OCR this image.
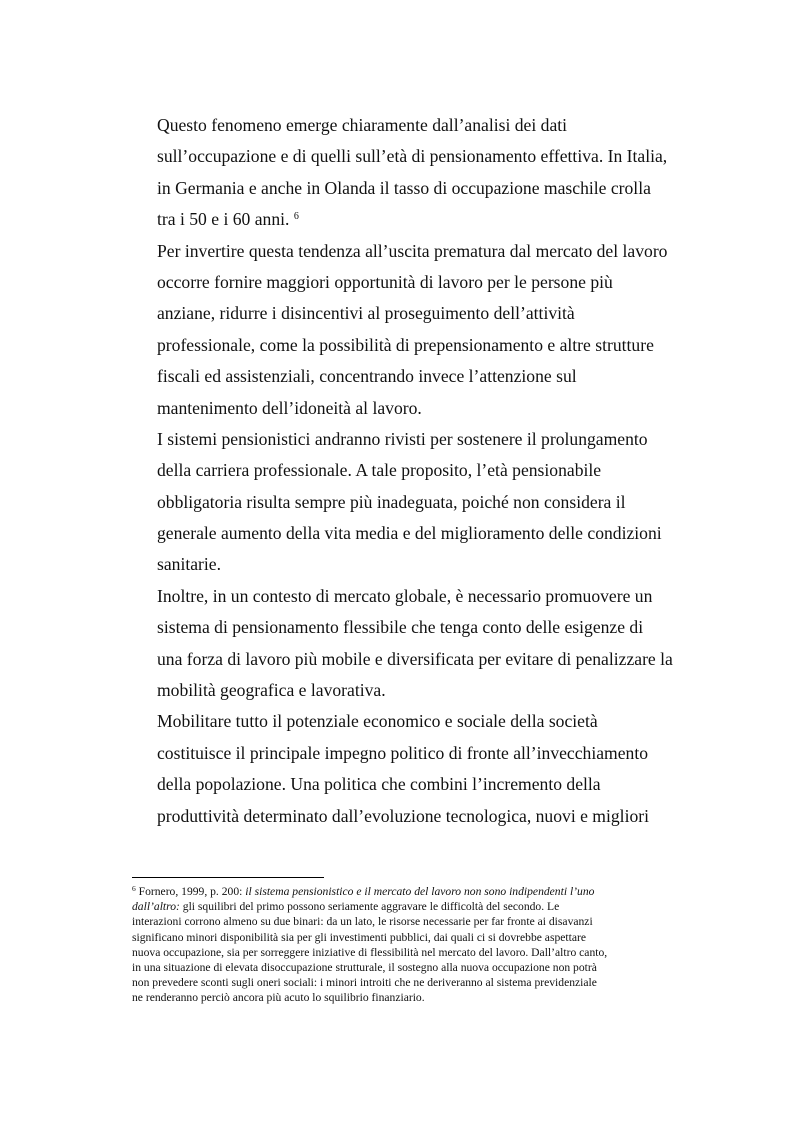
Questo fenomeno emerge chiaramente dall’analisi dei dati
sull’occupazione e di quelli sull’età di pensionamento effettiva. In Italia,
in Germania e anche in Olanda il tasso di occupazione maschile crolla
tra i 50 e i 60 anni. $^6$
Per invertire questa tendenza all’uscita prematura dal mercato del lavoro
occorre fornire maggiori opportunità di lavoro per le persone più
anziane, ridurre i disincentivi al proseguimento dell’attività
professionale, come la possibilità di prepensionamento e altre strutture
fiscali ed assistenziali, concentrando invece l’attenzione sul
mantenimento dell’idoneità al lavoro.
I sistemi pensionistici andranno rivisti per sostenere il prolungamento
della carriera professionale. A tale proposito, l’età pensionabile
obbligatoria risulta sempre più inadeguata, poiché non considera il
generale aumento della vita media e del miglioramento delle condizioni
sanitarie.
Inoltre, in un contesto di mercato globale, è necessario promuovere un
sistema di pensionamento flessibile che tenga conto delle esigenze di
una forza di lavoro più mobile e diversificata per evitare di penalizzare la
mobilità geografica e lavorativa.
Mobilitare tutto il potenziale economico e sociale della società
costituisce il principale impegno politico di fronte all’invecchiamento
della popolazione. Una politica che combini l’incremento della
produttività determinato dall’evoluzione tecnologica, nuovi e migliori
$^6$ Fornero, 1999, p. 200: il sistema pensionistico e il mercato del lavoro non sono indipendenti l’uno
dall’altro: gli squilibri del primo possono seriamente aggravare le difficoltà del secondo. Le
interazioni corrono almeno su due binari: da un lato, le risorse necessarie per far fronte ai disavanzi
significano minori disponibilità sia per gli investimenti pubblici, dai quali ci si dovrebbe aspettare
nuova occupazione, sia per sorreggere iniziative di flessibilità nel mercato del lavoro. Dall’altro canto,
in una situazione di elevata disoccupazione strutturale, il sostegno alla nuova occupazione non potrà
non prevedere sconti sugli oneri sociali: i minori introiti che ne deriveranno al sistema previdenziale
ne renderanno perciò ancora più acuto lo squilibrio finanziario.
